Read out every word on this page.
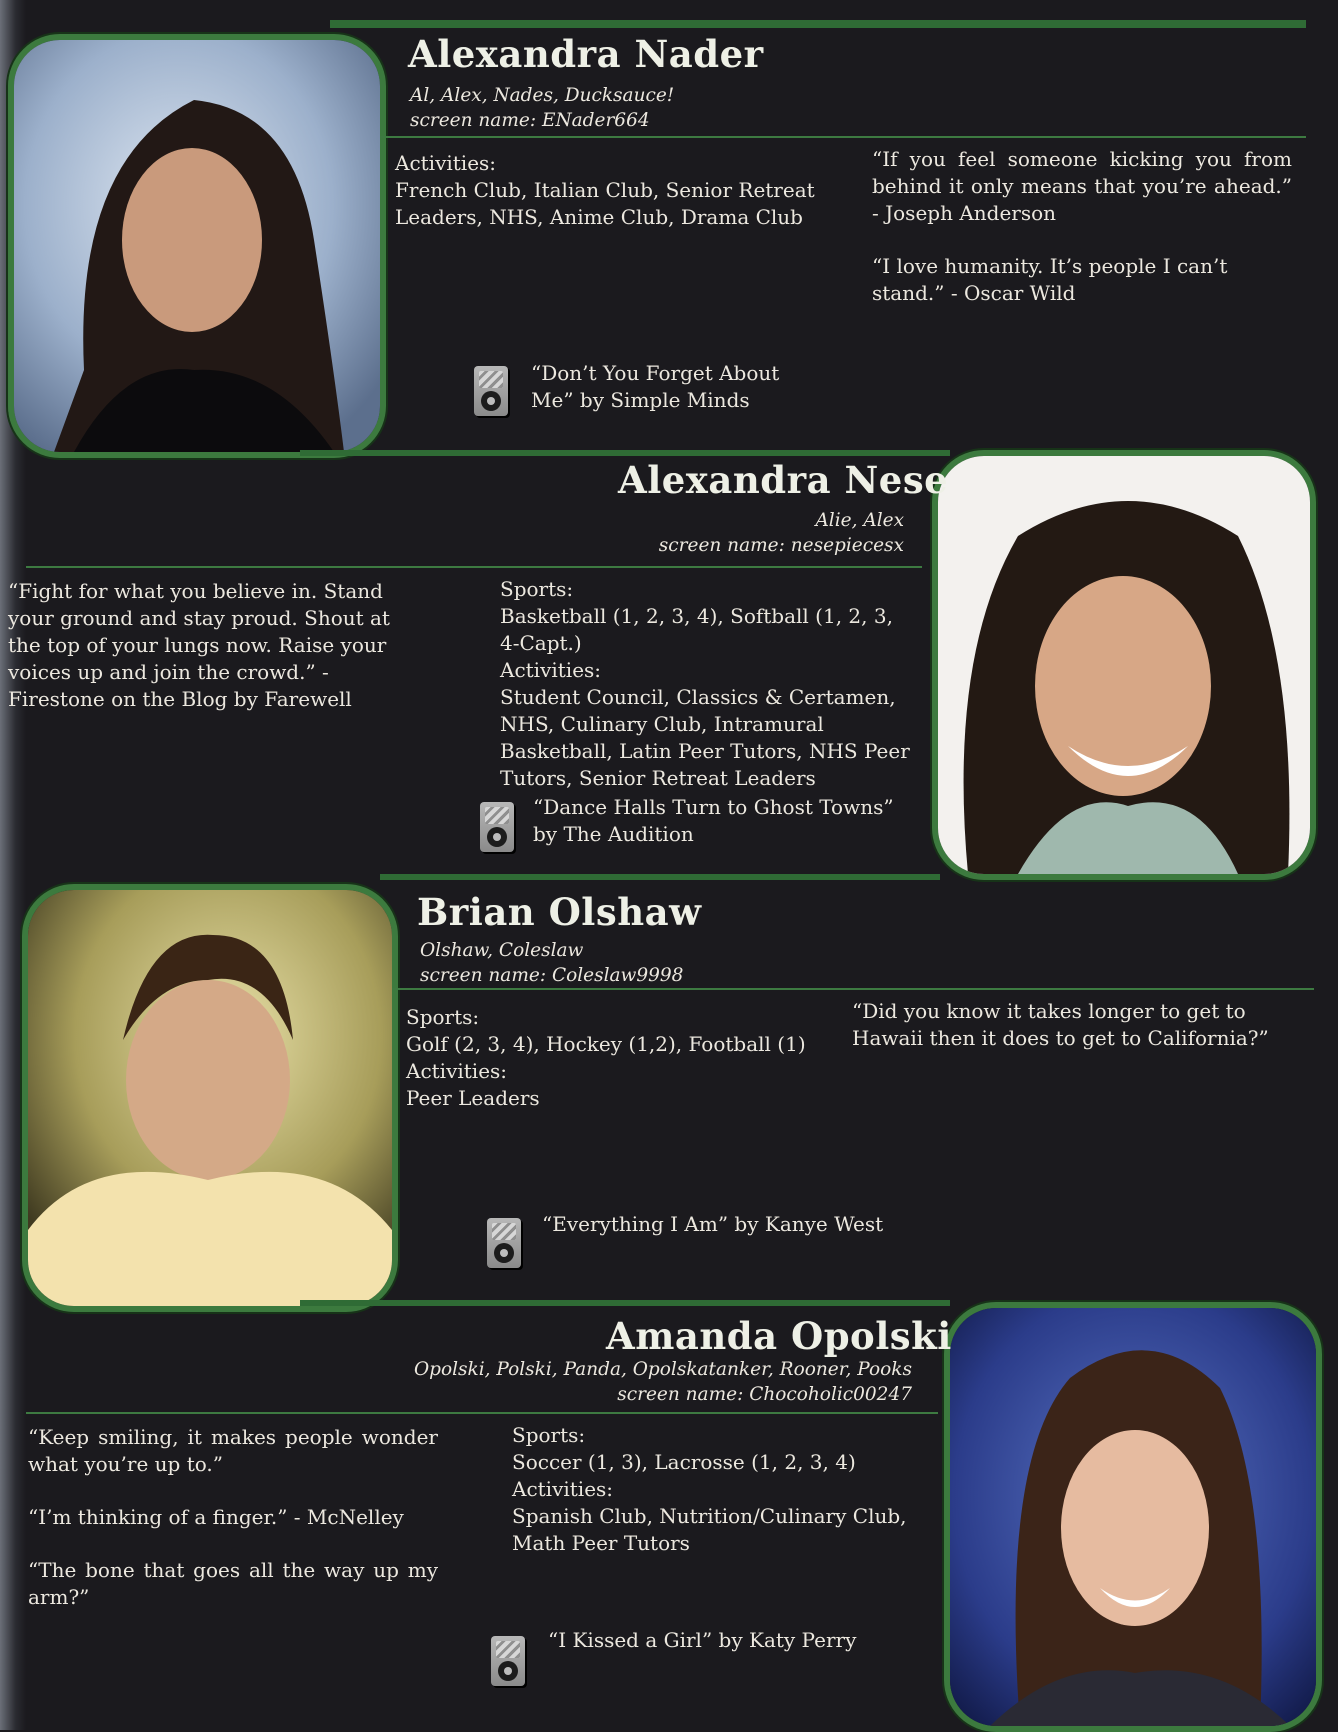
Alexandra Nader
Al, Alex, Nades, Ducksauce!
screen name: ENader664
Activities:
French Club, Italian Club, Senior Retreat Leaders, NHS, Anime Club, Drama Club

“If you feel someone kicking you from behind it only means that you’re ahead.” - Joseph Anderson

“I love humanity. It’s people I can’t stand.” - Oscar Wild

“Don’t You Forget About Me” by Simple Minds
Alexandra Nese
Alie, Alex
screen name: nesepiecesx

“Fight for what you believe in. Stand your ground and stay proud. Shout at the top of your lungs now. Raise your voices up and join the crowd.” - Firestone on the Blog by Farewell

Sports:
Basketball (1, 2, 3, 4), Softball (1, 2, 3, 4-Capt.)
Activities:
Student Council, Classics & Certamen, NHS, Culinary Club, Intramural Basketball, Latin Peer Tutors, NHS Peer Tutors, Senior Retreat Leaders
“Dance Halls Turn to Ghost Towns” by The Audition
Brian Olshaw
Olshaw, Coleslaw
screen name: Coleslaw9998
Sports:
Golf (2, 3, 4), Hockey (1,2), Football (1)
Activities:
Peer Leaders

“Did you know it takes longer to get to Hawaii then it does to get to California?”

“Everything I Am” by Kanye West
Amanda Opolski
Opolski, Polski, Panda, Opolskatanker, Rooner, Pooks
screen name: Chocoholic00247

“Keep smiling, it makes people wonder what you’re up to.”

“I’m thinking of a finger.” - McNelley

“The bone that goes all the way up my arm?”

Sports:
Soccer (1, 3), Lacrosse (1, 2, 3, 4)
Activities:
Spanish Club, Nutrition/Culinary Club, Math Peer Tutors
“I Kissed a Girl” by Katy Perry
